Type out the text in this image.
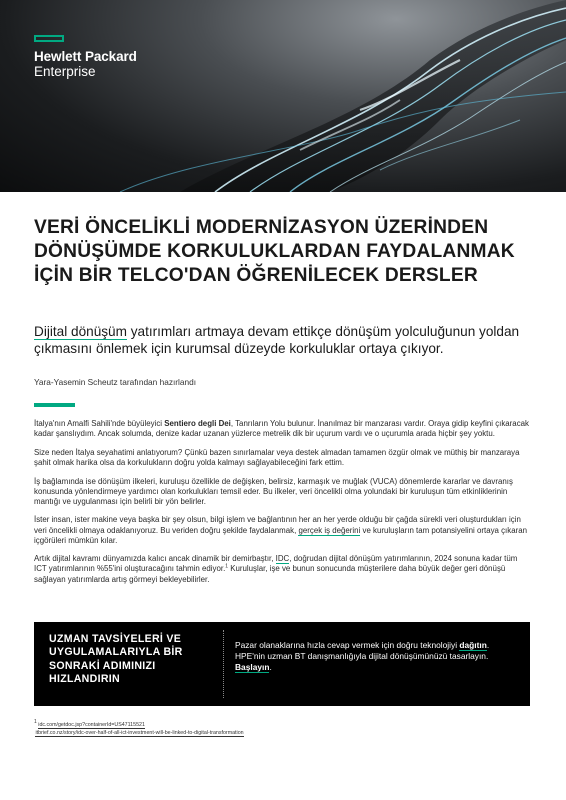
Hewlett Packard
Enterprise
VERİ ÖNCELİKLİ MODERNİZASYON ÜZERİNDEN DÖNÜŞÜMDE KORKULUKLARDAN FAYDALANMAK İÇİN BİR TELCO'DAN ÖĞRENİLECEK DERSLER

Dijital dönüşüm yatırımları artmaya devam ettikçe dönüşüm yolculuğunun yoldan çıkmasını önlemek için kurumsal düzeyde korkuluklar ortaya çıkıyor.

Yara-Yasemin Scheutz tarafından hazırlandı

İtalya'nın Amalfi Sahili'nde büyüleyici Sentiero degli Dei, Tanrıların Yolu bulunur. İnanılmaz bir manzarası vardır. Oraya gidip keyfini çıkaracak kadar şanslıydım. Ancak solumda, denize kadar uzanan yüzlerce metrelik dik bir uçurum vardı ve o uçurumla arada hiçbir şey yoktu.

Size neden İtalya seyahatimi anlatıyorum? Çünkü bazen sınırlamalar veya destek almadan tamamen özgür olmak ve müthiş bir manzaraya şahit olmak harika olsa da korkulukların doğru yolda kalmayı sağlayabileceğini fark ettim.

İş bağlamında ise dönüşüm ilkeleri, kuruluşu özellikle de değişken, belirsiz, karmaşık ve muğlak (VUCA) dönemlerde kararlar ve davranış konusunda yönlendirmeye yardımcı olan korkulukları temsil eder. Bu ilkeler, veri öncelikli olma yolundaki bir kuruluşun tüm etkinliklerinin mantığı ve uygulanması için belirli bir yön belirler.

İster insan, ister makine veya başka bir şey olsun, bilgi işlem ve bağlantının her an her yerde olduğu bir çağda sürekli veri oluşturdukları için veri öncelikli olmaya odaklanıyoruz. Bu veriden doğru şekilde faydalanmak, gerçek iş değerini ve kuruluşların tam potansiyelini ortaya çıkaran içgörüleri mümkün kılar.

Artık dijital kavramı dünyamızda kalıcı ancak dinamik bir demirbaştır, IDC, doğrudan dijital dönüşüm yatırımlarının, 2024 sonuna kadar tüm ICT yatırımlarının %55'ini oluşturacağını tahmin ediyor.$^1$ Kuruluşlar, işe ve bunun sonucunda müşterilere daha büyük değer geri dönüşü sağlayan yatırımlarda artış görmeyi bekleyebilirler.

UZMAN TAVSİYELERİ VE UYGULAMALARIYLA BİR SONRAKİ ADIMINIZI HIZLANDIRIN
Pazar olanaklarına hızla cevap vermek için doğru teknolojiyi dağıtın. HPE'nin uzman BT danışmanlığıyla dijital dönüşümünüzü tasarlayın. Başlayın.
$^1$ idc.com/getdoc.jsp?containerId=US47115521
itbrief.co.nz/story/idc-over-half-of-all-ict-investment-will-be-linked-to-digital-transformation
